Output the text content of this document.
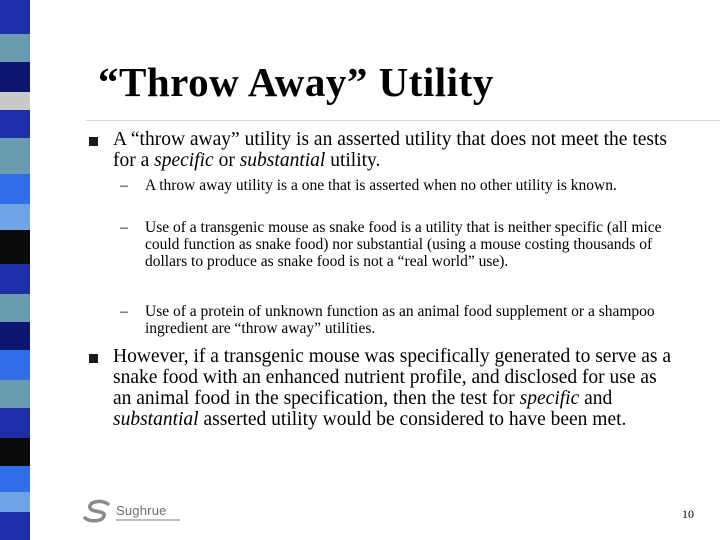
“Throw Away” Utility

A “throw away” utility is an asserted utility that does not meet the tests for a specific or substantial utility.

– A throw away utility is a one that is asserted when no other utility is known.

– Use of a transgenic mouse as snake food is a utility that is neither specific (all mice could function as snake food) nor substantial (using a mouse costing thousands of dollars to produce as snake food is not a “real world” use).

– Use of a protein of unknown function as an animal food supplement or a shampoo ingredient are “throw away” utilities.

However, if a transgenic mouse was specifically generated to serve as a snake food with an enhanced nutrient profile, and disclosed for use as an animal food in the specification, then the test for specific and substantial asserted utility would be considered to have been met.

Sughrue	10
